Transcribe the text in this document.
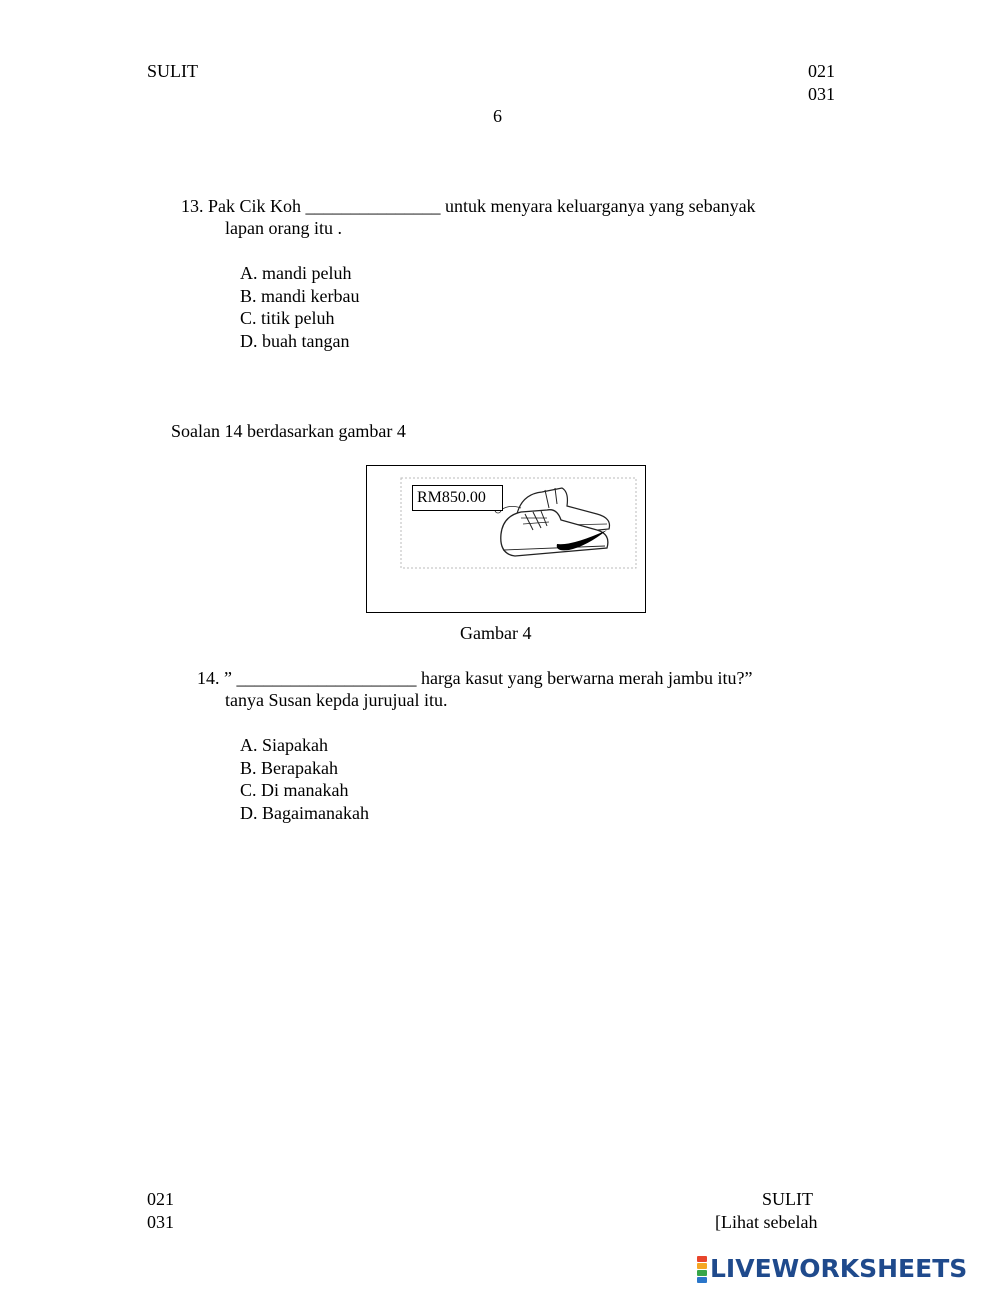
SULIT	021
031
6
13. Pak Cik Koh _______________ untuk menyara keluarganya yang sebanyak
lapan orang itu .
A. mandi peluh
B. mandi kerbau
C. titik peluh
D. buah tangan
Soalan 14 berdasarkan gambar 4
RM850.00
Gambar 4
14. ” ____________________ harga kasut yang berwarna merah jambu itu?”
tanya Susan kepda jurujual itu.
A. Siapakah
B. Berapakah
C. Di manakah
D. Bagaimanakah
021
031
SULIT
[Lihat sebelah
LIVEWORKSHEETS
